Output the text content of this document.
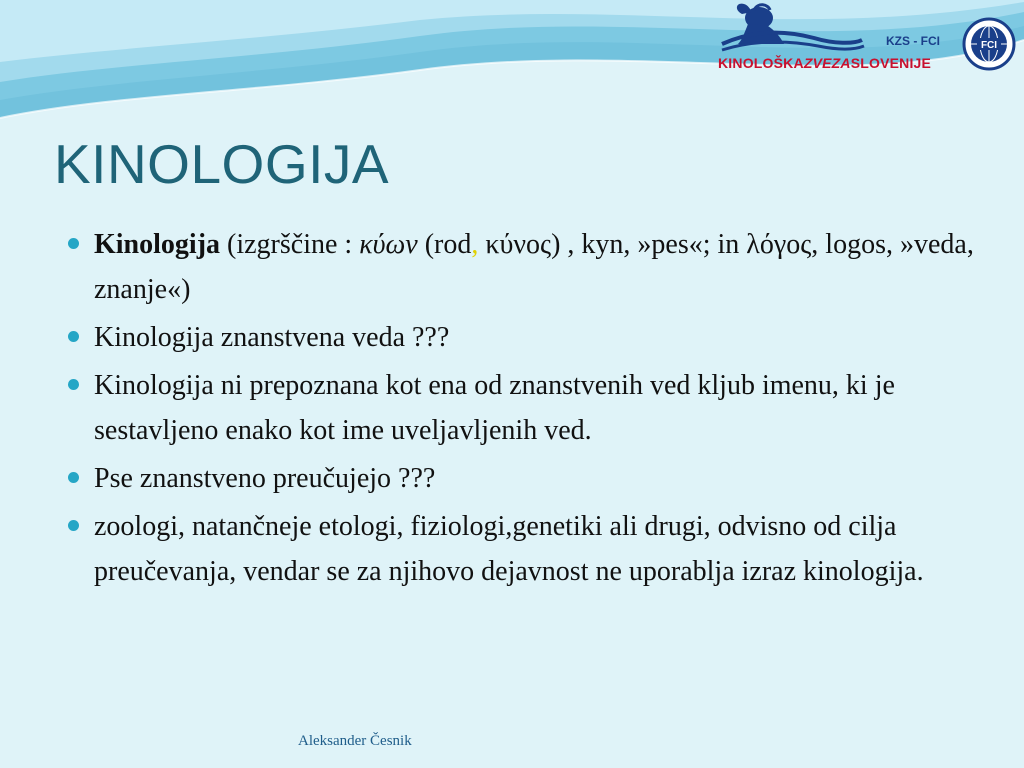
FCI
KZS - FCI
KINOLOŠKAZVEZASLOVENIJE
KINOLOGIJA
Kinologija (izgrščine : κύων (rod, κύνος) , kyn, »pes«; in λόγος, logos, »veda, znanje«)
Kinologija znanstvena veda ???
Kinologija ni prepoznana kot ena od znanstvenih ved kljub imenu, ki je sestavljeno enako kot ime uveljavljenih ved.
Pse znanstveno preučujejo ???
zoologi, natančneje etologi, fiziologi,genetiki ali drugi, odvisno od cilja preučevanja, vendar se za njihovo dejavnost ne uporablja izraz kinologija.
Aleksander Česnik
